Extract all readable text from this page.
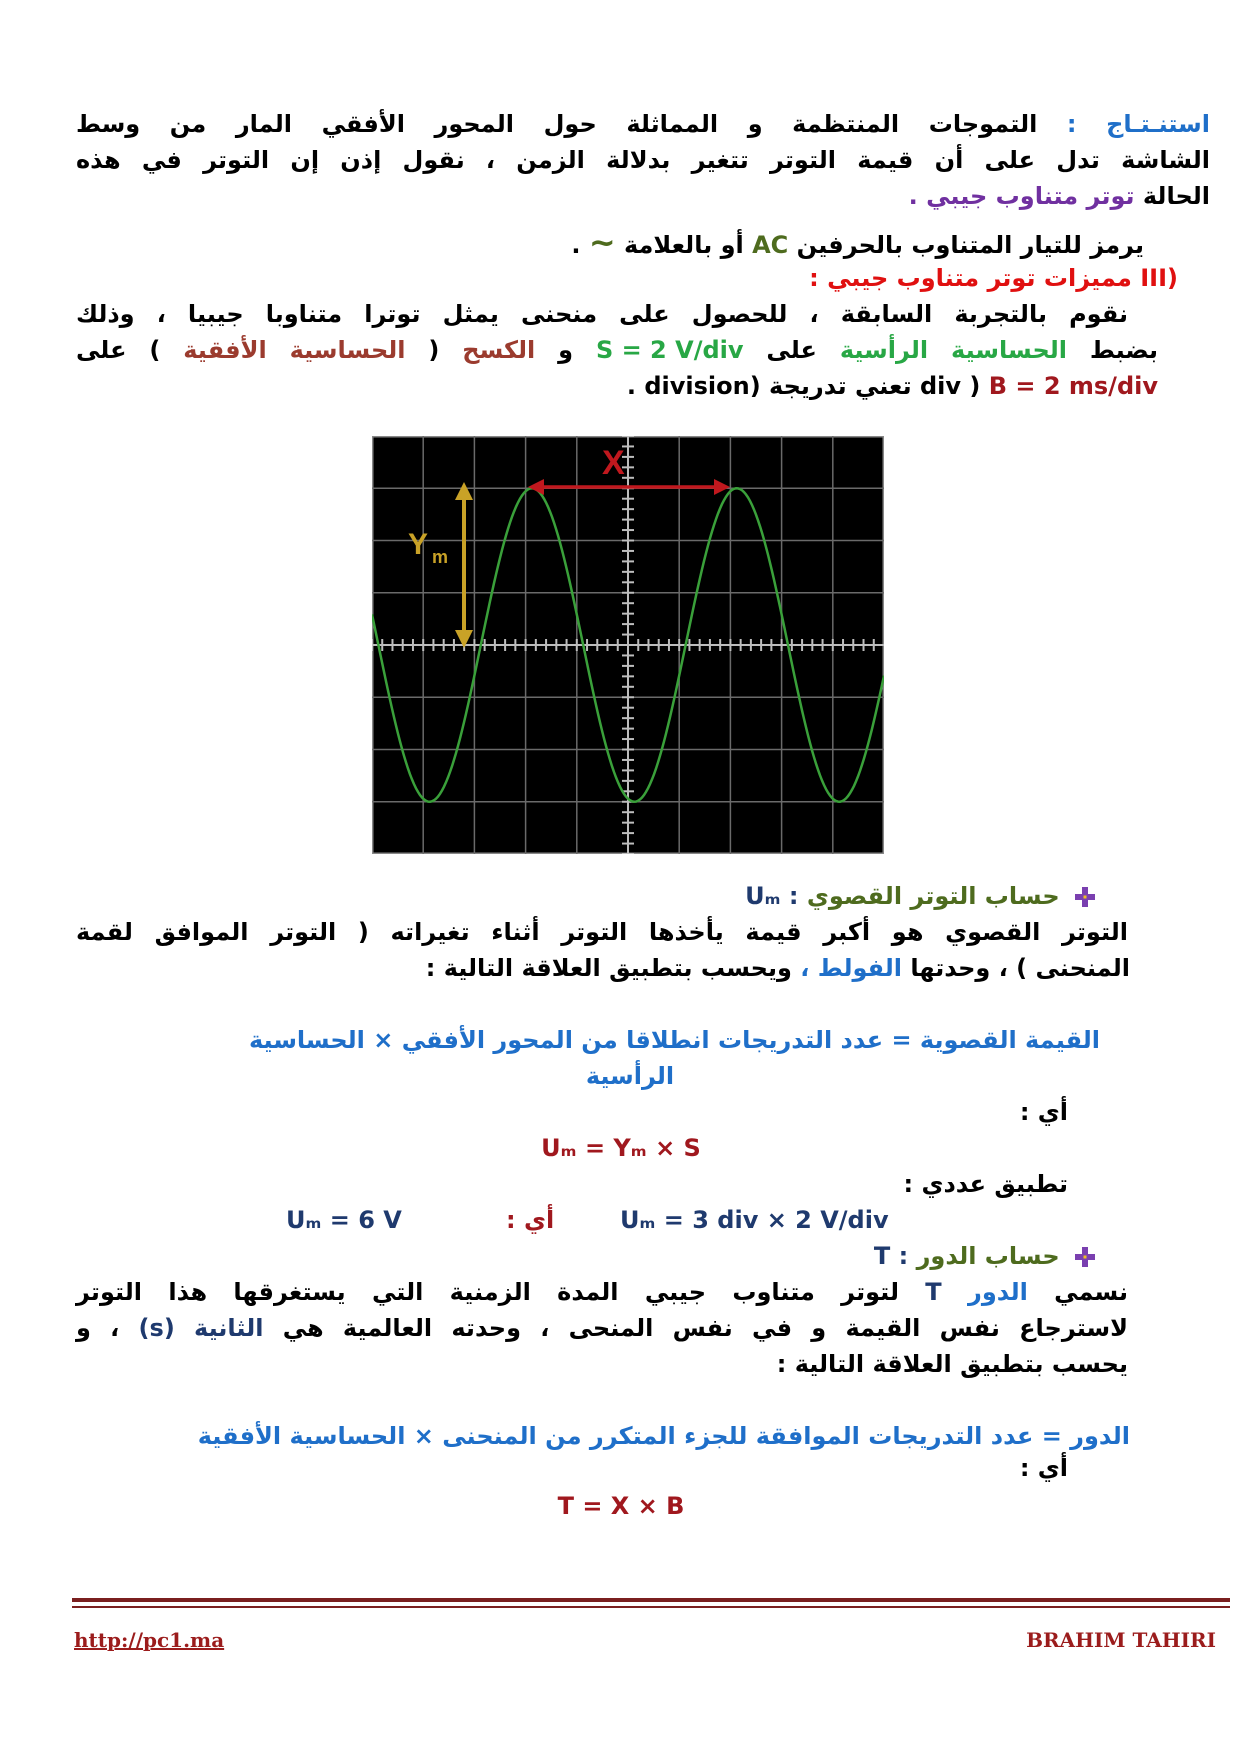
استنـتـاج : التموجات المنتظمة و المماثلة حول المحور الأفقي المار من وسط
الشاشة تدل على أن قيمة التوتر تتغير بدلالة الزمن ، نقول إذن إن التوتر في هذه
الحالة توتر متناوب جيبي .
يرمز للتيار المتناوب بالحرفين AC أو بالعلامة ~ .
III) مميزات توتر متناوب جيبي :
نقوم بالتجربة السابقة ، للحصول على منحنى يمثل توترا متناوبا جيبيا ، وذلك
بضبط الحساسية الرأسية على S = 2 V/div و الكسح ( الحساسية الأفقية ) على
B = 2 ms/div ( div تعني تدريجة (division .
X
Y m
حساب التوتر القصوي Uₘ :
التوتر القصوي هو أكبر قيمة يأخذها التوتر أثناء تغيراته ( التوتر الموافق لقمة
المنحنى ) ، وحدتها الفولط ، ويحسب بتطبيق العلاقة التالية :
القيمة القصوية = عدد التدريجات انطلاقا من المحور الأفقي × الحساسية
الرأسية
أي :
Uₘ = Yₘ × S
تطبيق عددي :
Uₘ = 3 div × 2 V/div
أي :
Uₘ = 6 V
حساب الدور T :
نسمي الدور T لتوتر متناوب جيبي المدة الزمنية التي يستغرقها هذا التوتر
لاسترجاع نفس القيمة و في نفس المنحى ، وحدته العالمية هي الثانية (s) ، و
يحسب بتطبيق العلاقة التالية :
الدور = عدد التدريجات الموافقة للجزء المتكرر من المنحنى × الحساسية الأفقية
أي :
T = X × B
http://pc1.ma	BRAHIM TAHIRI
